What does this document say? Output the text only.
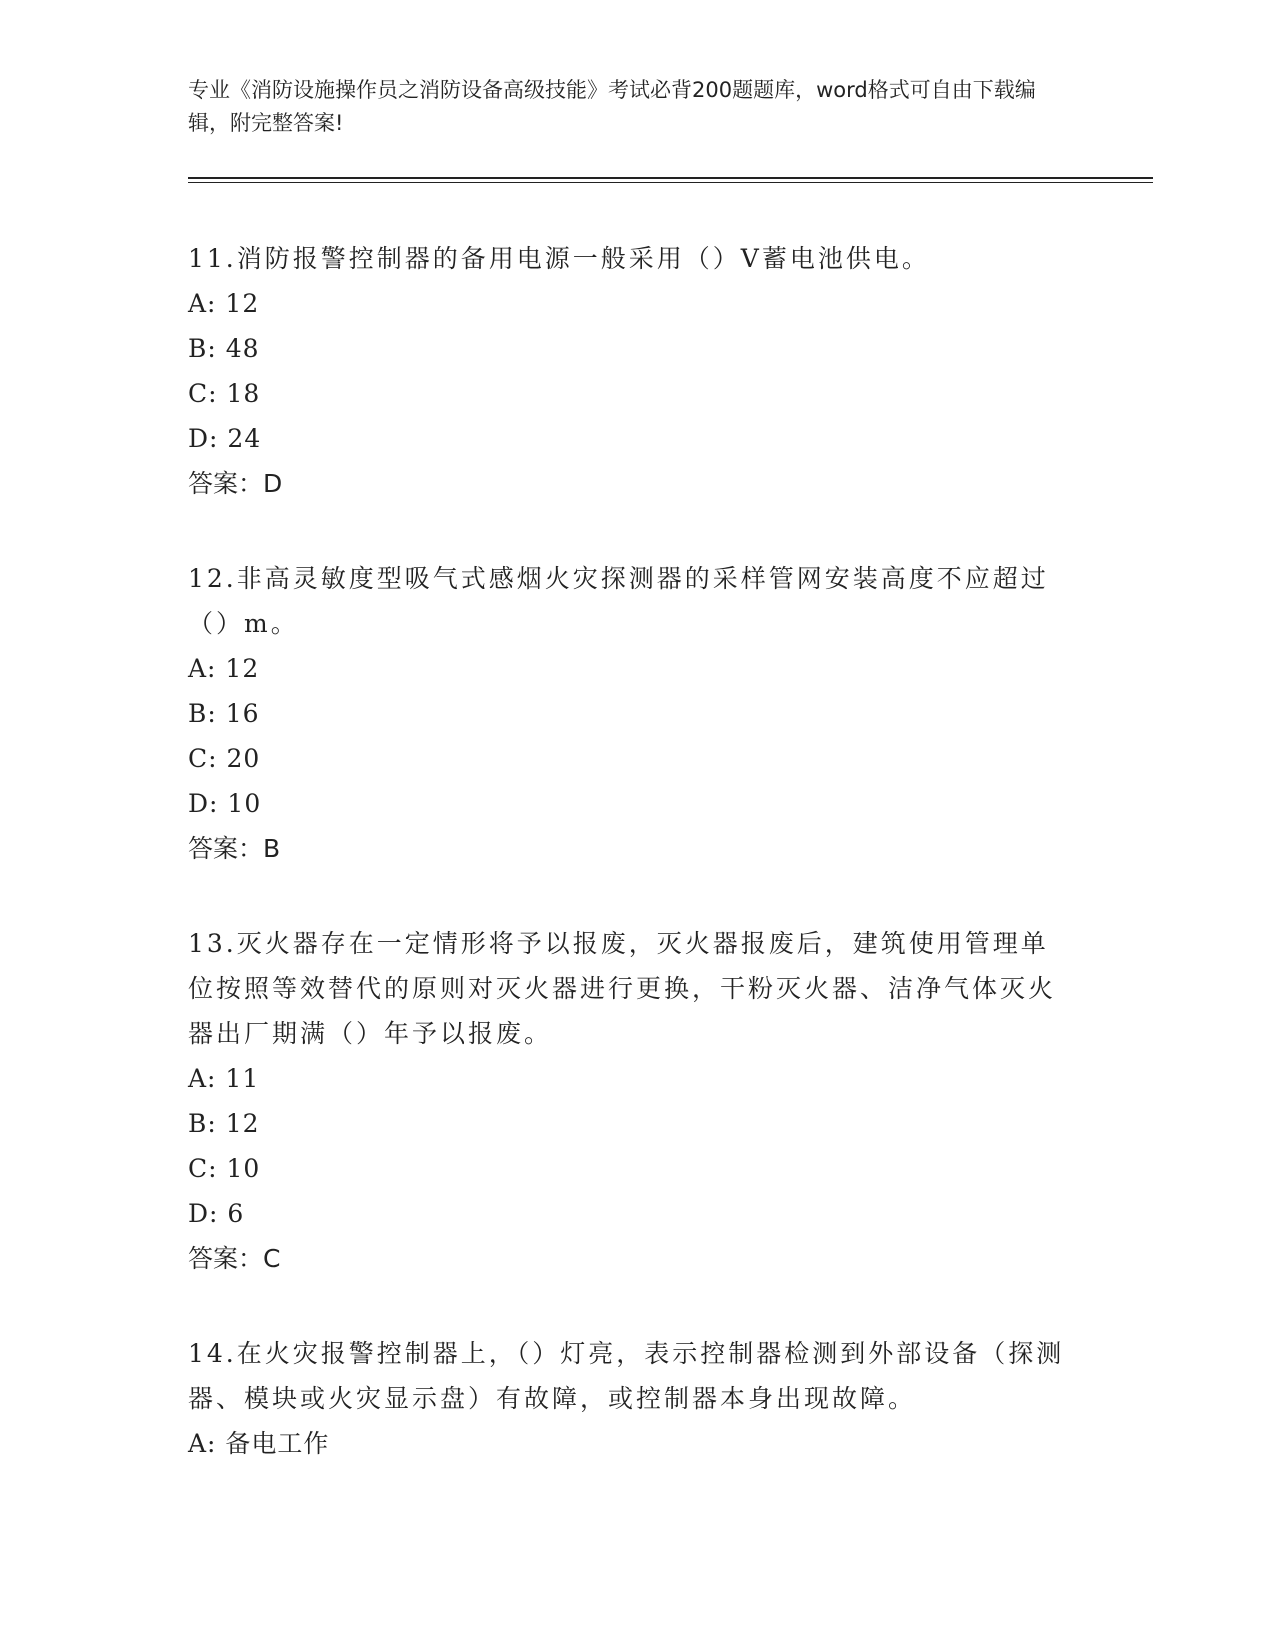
专业《消防设施操作员之消防设备高级技能》考试必背200题题库，word格式可自由下载编辑，附完整答案!

11.消防报警控制器的备用电源一般采用（）V蓄电池供电。

A: 12

B: 48

C: 18

D: 24

答案：D

12.非高灵敏度型吸气式感烟火灾探测器的采样管网安装高度不应超过（）m。

A: 12

B: 16

C: 20

D: 10

答案：B

13.灭火器存在一定情形将予以报废，灭火器报废后，建筑使用管理单位按照等效替代的原则对灭火器进行更换，干粉灭火器、洁净气体灭火器出厂期满（）年予以报废。

A: 11

B: 12

C: 10

D: 6

答案：C

14.在火灾报警控制器上，（）灯亮，表示控制器检测到外部设备（探测器、模块或火灾显示盘）有故障，或控制器本身出现故障。

A: 备电工作
